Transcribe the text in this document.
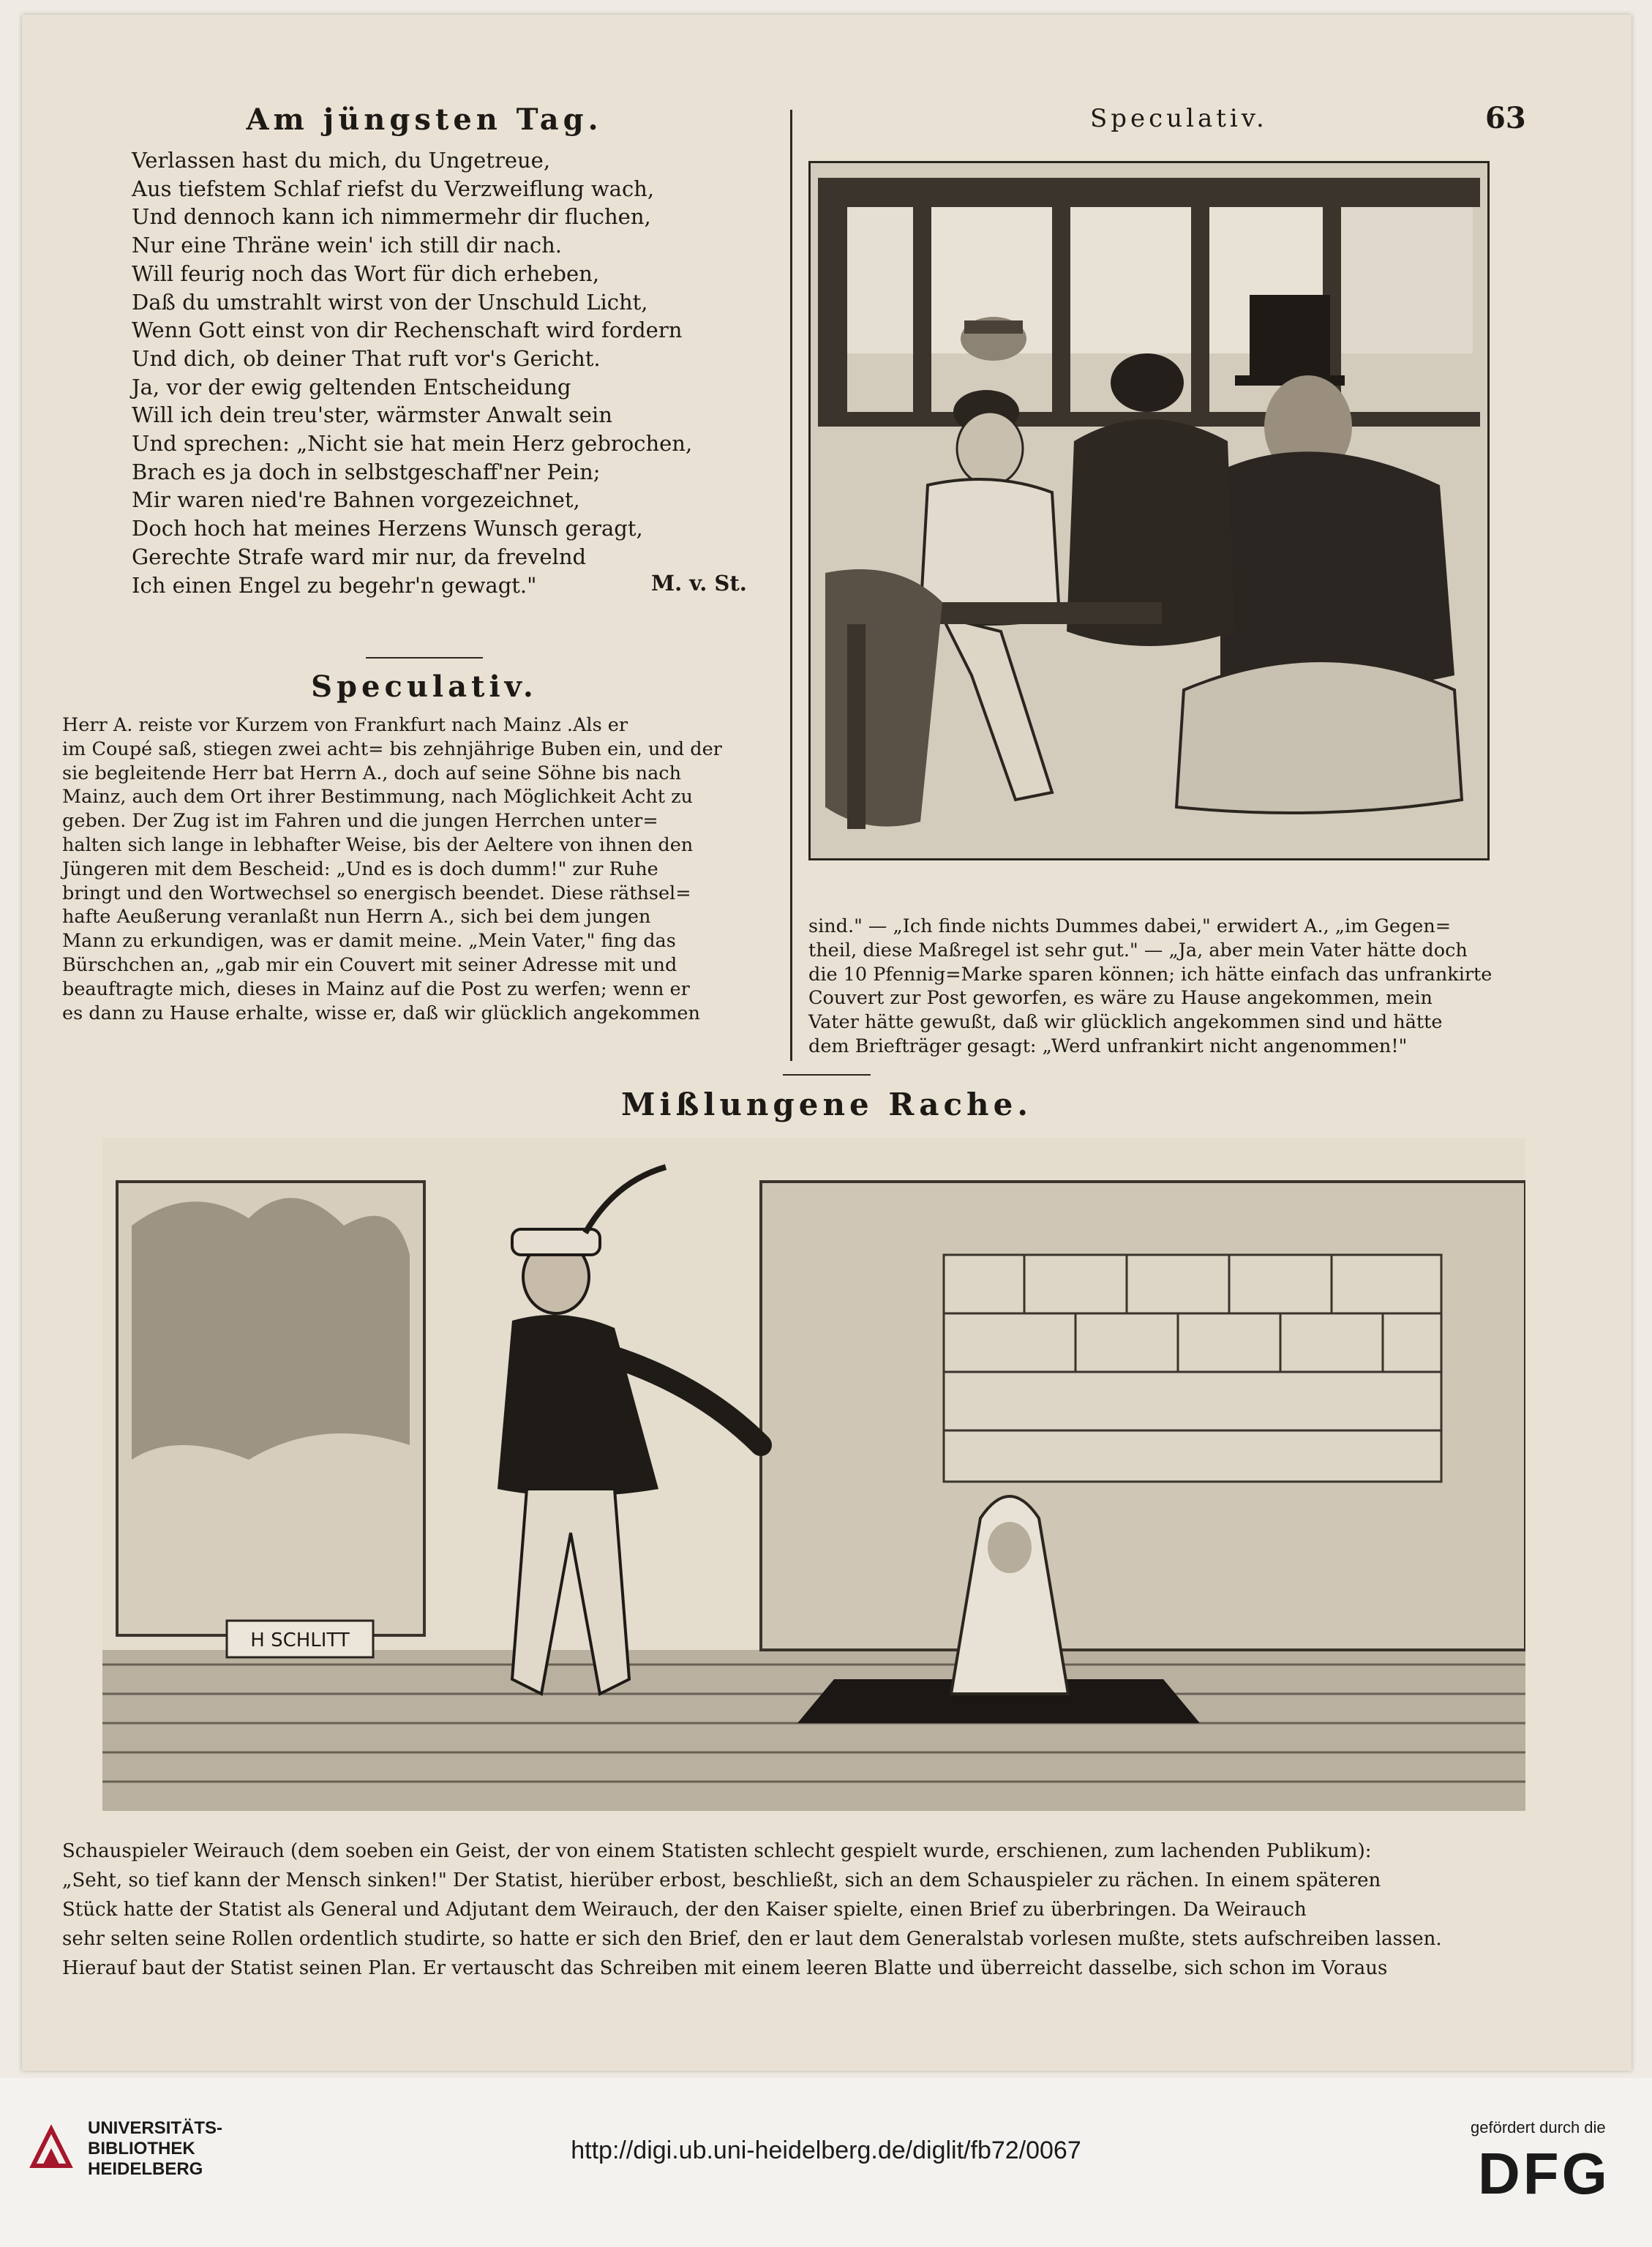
Am jüngsten Tag.
Verlassen hast du mich, du Ungetreue,
Aus tiefstem Schlaf riefst du Verzweiflung wach,
Und dennoch kann ich nimmermehr dir fluchen,
Nur eine Thräne wein' ich still dir nach.
Will feurig noch das Wort für dich erheben,
Daß du umstrahlt wirst von der Unschuld Licht,
Wenn Gott einst von dir Rechenschaft wird fordern
Und dich, ob deiner That ruft vor's Gericht.
Ja, vor der ewig geltenden Entscheidung
Will ich dein treu'ster, wärmster Anwalt sein
Und sprechen: „Nicht sie hat mein Herz gebrochen,
Brach es ja doch in selbstgeschaff'ner Pein;
Mir waren nied're Bahnen vorgezeichnet,
Doch hoch hat meines Herzens Wunsch geragt,
Gerechte Strafe ward mir nur, da frevelnd
Ich einen Engel zu begehr'n gewagt."	M. v. St.
Speculativ.
Herr A. reiste vor Kurzem von Frankfurt nach Mainz .Als er
im Coupé saß, stiegen zwei acht= bis zehnjährige Buben ein, und der
sie begleitende Herr bat Herrn A., doch auf seine Söhne bis nach
Mainz, auch dem Ort ihrer Bestimmung, nach Möglichkeit Acht zu
geben. Der Zug ist im Fahren und die jungen Herrchen unter=
halten sich lange in lebhafter Weise, bis der Aeltere von ihnen den
Jüngeren mit dem Bescheid: „Und es is doch dumm!" zur Ruhe
bringt und den Wortwechsel so energisch beendet. Diese räthsel=
hafte Aeußerung veranlaßt nun Herrn A., sich bei dem jungen
Mann zu erkundigen, was er damit meine. „Mein Vater," fing das
Bürschchen an, „gab mir ein Couvert mit seiner Adresse mit und
beauftragte mich, dieses in Mainz auf die Post zu werfen; wenn er
es dann zu Hause erhalte, wisse er, daß wir glücklich angekommen
Speculativ.	63
sind." — „Ich finde nichts Dummes dabei," erwidert A., „im Gegen=
theil, diese Maßregel ist sehr gut." — „Ja, aber mein Vater hätte doch
die 10 Pfennig=Marke sparen können; ich hätte einfach das unfrankirte
Couvert zur Post geworfen, es wäre zu Hause angekommen, mein
Vater hätte gewußt, daß wir glücklich angekommen sind und hätte
dem Briefträger gesagt: „Werd unfrankirt nicht angenommen!"
Mißlungene Rache.
H SCHLITT
Schauspieler Weirauch (dem soeben ein Geist, der von einem Statisten schlecht gespielt wurde, erschienen, zum lachenden Publikum):
„Seht, so tief kann der Mensch sinken!" Der Statist, hierüber erbost, beschließt, sich an dem Schauspieler zu rächen. In einem späteren
Stück hatte der Statist als General und Adjutant dem Weirauch, der den Kaiser spielte, einen Brief zu überbringen. Da Weirauch
sehr selten seine Rollen ordentlich studirte, so hatte er sich den Brief, den er laut dem Generalstab vorlesen mußte, stets aufschreiben lassen.
Hierauf baut der Statist seinen Plan. Er vertauscht das Schreiben mit einem leeren Blatte und überreicht dasselbe, sich schon im Voraus
UNIVERSITÄTS-
BIBLIOTHEK
HEIDELBERG
http://digi.ub.uni-heidelberg.de/diglit/fb72/0067
gefördert durch die
DFG
